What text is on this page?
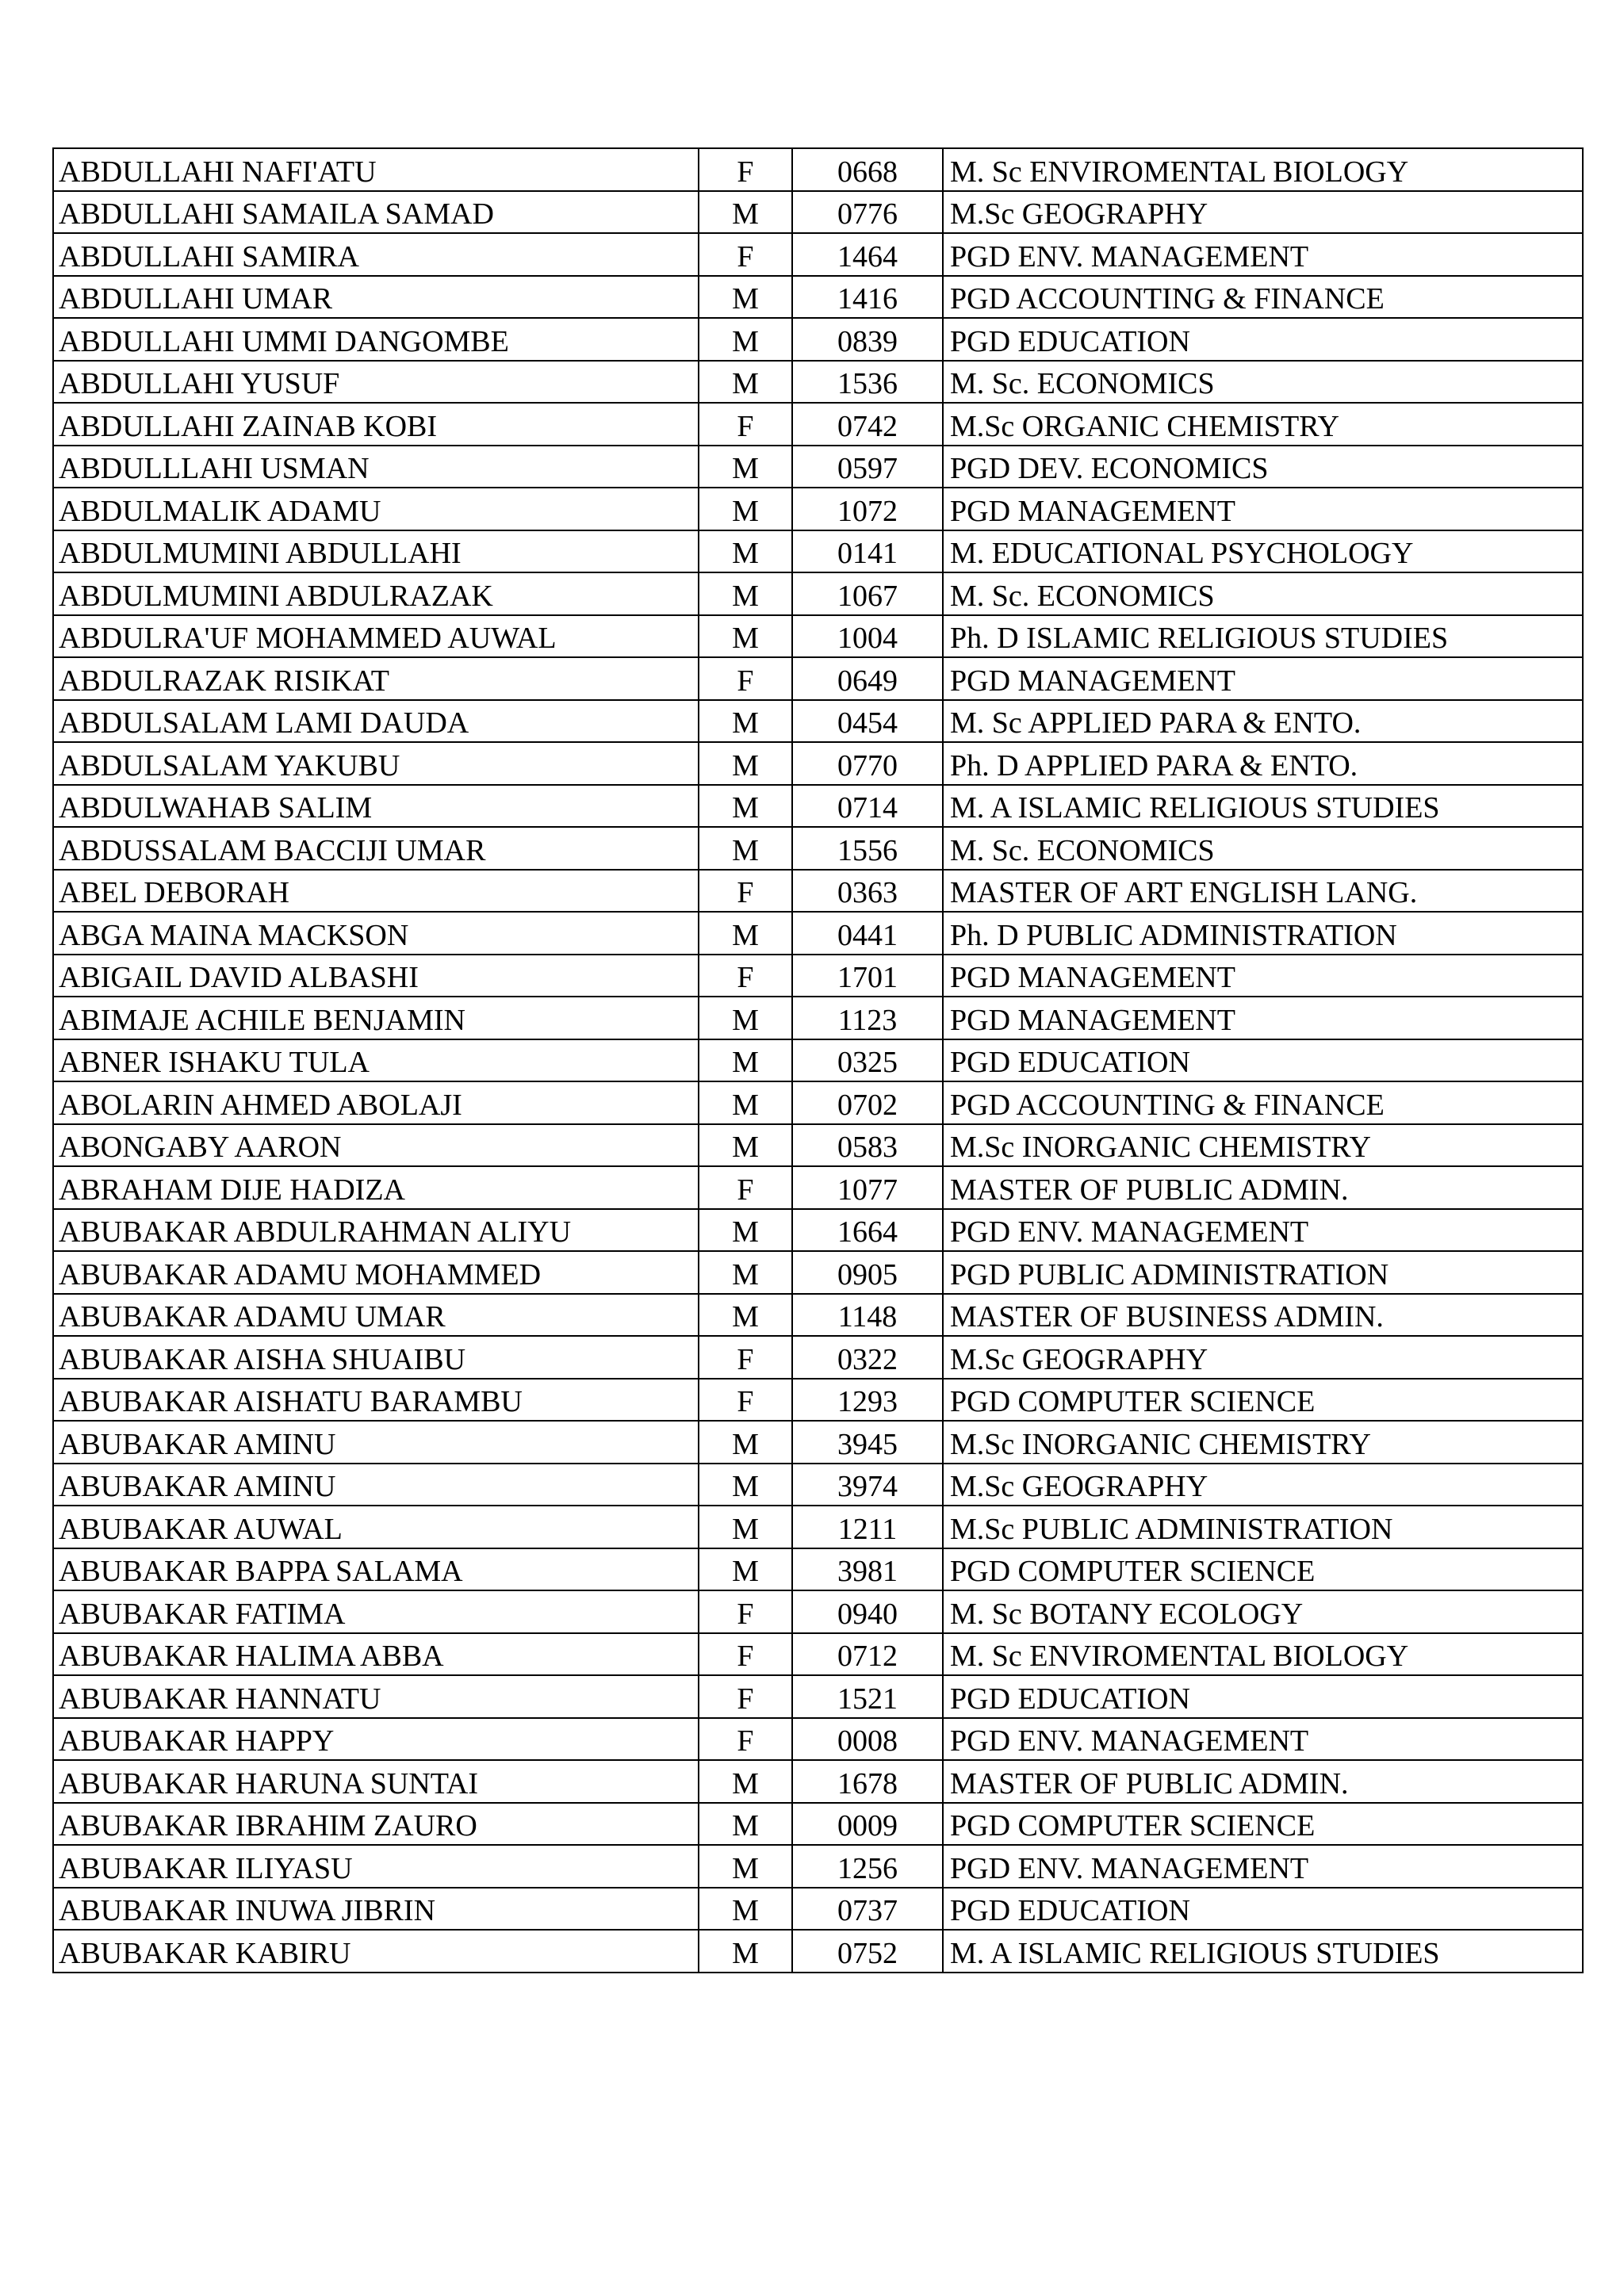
ABDULLAHI NAFI'ATU	F	0668	M. Sc ENVIROMENTAL BIOLOGY
ABDULLAHI SAMAILA SAMAD	M	0776	M.Sc GEOGRAPHY
ABDULLAHI SAMIRA	F	1464	PGD ENV. MANAGEMENT
ABDULLAHI UMAR	M	1416	PGD ACCOUNTING & FINANCE
ABDULLAHI UMMI DANGOMBE	M	0839	PGD EDUCATION
ABDULLAHI YUSUF	M	1536	M. Sc. ECONOMICS
ABDULLAHI ZAINAB KOBI	F	0742	M.Sc ORGANIC CHEMISTRY
ABDULLLAHI USMAN	M	0597	PGD DEV. ECONOMICS
ABDULMALIK ADAMU	M	1072	PGD MANAGEMENT
ABDULMUMINI ABDULLAHI	M	0141	M. EDUCATIONAL PSYCHOLOGY
ABDULMUMINI ABDULRAZAK	M	1067	M. Sc. ECONOMICS
ABDULRA'UF MOHAMMED AUWAL	M	1004	Ph. D ISLAMIC RELIGIOUS STUDIES
ABDULRAZAK RISIKAT	F	0649	PGD MANAGEMENT
ABDULSALAM LAMI DAUDA	M	0454	M. Sc APPLIED PARA & ENTO.
ABDULSALAM YAKUBU	M	0770	Ph. D APPLIED PARA & ENTO.
ABDULWAHAB SALIM	M	0714	M. A ISLAMIC RELIGIOUS STUDIES
ABDUSSALAM BACCIJI UMAR	M	1556	M. Sc. ECONOMICS
ABEL DEBORAH	F	0363	MASTER OF ART ENGLISH LANG.
ABGA MAINA MACKSON	M	0441	Ph. D PUBLIC ADMINISTRATION
ABIGAIL DAVID ALBASHI	F	1701	PGD MANAGEMENT
ABIMAJE ACHILE BENJAMIN	M	1123	PGD MANAGEMENT
ABNER ISHAKU TULA	M	0325	PGD EDUCATION
ABOLARIN AHMED ABOLAJI	M	0702	PGD ACCOUNTING & FINANCE
ABONGABY AARON	M	0583	M.Sc INORGANIC CHEMISTRY
ABRAHAM DIJE HADIZA	F	1077	MASTER OF PUBLIC ADMIN.
ABUBAKAR ABDULRAHMAN ALIYU	M	1664	PGD ENV. MANAGEMENT
ABUBAKAR ADAMU MOHAMMED	M	0905	PGD PUBLIC ADMINISTRATION
ABUBAKAR ADAMU UMAR	M	1148	MASTER OF BUSINESS ADMIN.
ABUBAKAR AISHA SHUAIBU	F	0322	M.Sc GEOGRAPHY
ABUBAKAR AISHATU BARAMBU	F	1293	PGD COMPUTER SCIENCE
ABUBAKAR AMINU	M	3945	M.Sc INORGANIC CHEMISTRY
ABUBAKAR AMINU	M	3974	M.Sc GEOGRAPHY
ABUBAKAR AUWAL	M	1211	M.Sc PUBLIC ADMINISTRATION
ABUBAKAR BAPPA SALAMA	M	3981	PGD COMPUTER SCIENCE
ABUBAKAR FATIMA	F	0940	M. Sc BOTANY ECOLOGY
ABUBAKAR HALIMA ABBA	F	0712	M. Sc ENVIROMENTAL BIOLOGY
ABUBAKAR HANNATU	F	1521	PGD EDUCATION
ABUBAKAR HAPPY	F	0008	PGD ENV. MANAGEMENT
ABUBAKAR HARUNA SUNTAI	M	1678	MASTER OF PUBLIC ADMIN.
ABUBAKAR IBRAHIM ZAURO	M	0009	PGD COMPUTER SCIENCE
ABUBAKAR ILIYASU	M	1256	PGD ENV. MANAGEMENT
ABUBAKAR INUWA JIBRIN	M	0737	PGD EDUCATION
ABUBAKAR KABIRU	M	0752	M. A ISLAMIC RELIGIOUS STUDIES
